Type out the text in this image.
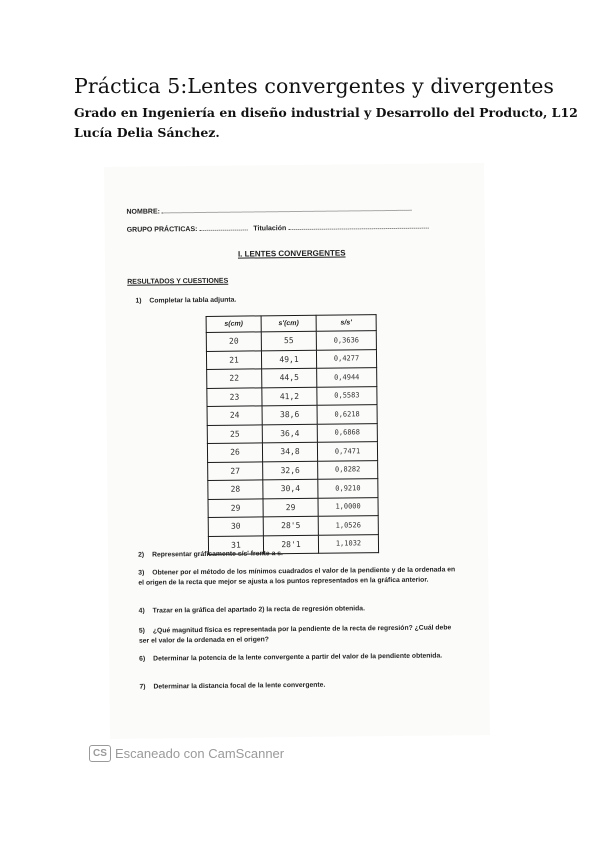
Práctica 5:Lentes convergentes y divergentes
Grado en Ingeniería en diseño industrial y Desarrollo del Producto, L12
Lucía Delia Sánchez.
NOMBRE:
GRUPO PRÁCTICAS:	Titulación
I. LENTES CONVERGENTES
RESULTADOS Y CUESTIONES
1) Completar la tabla adjunta.
s(cm)	s'(cm)	s/s'
20	55	0,3636
21	49,1	0,4277
22	44,5	0,4944
23	41,2	0,5583
24	38,6	0,6218
25	36,4	0,6868
26	34,8	0,7471
27	32,6	0,8282
28	30,4	0,9210
29	29	1,0000
30	28'5	1,0526
31	28'1	1,1032
2) Representar gráficamente s/s' frente a s.
3) Obtener por el método de los mínimos cuadrados el valor de la pendiente y de la ordenada en el origen de la recta que mejor se ajusta a los puntos representados en la gráfica anterior.
4) Trazar en la gráfica del apartado 2) la recta de regresión obtenida.
5) ¿Qué magnitud física es representada por la pendiente de la recta de regresión? ¿Cuál debe ser el valor de la ordenada en el origen?
6) Determinar la potencia de la lente convergente a partir del valor de la pendiente obtenida.
7) Determinar la distancia focal de la lente convergente.
CS Escaneado con CamScanner
